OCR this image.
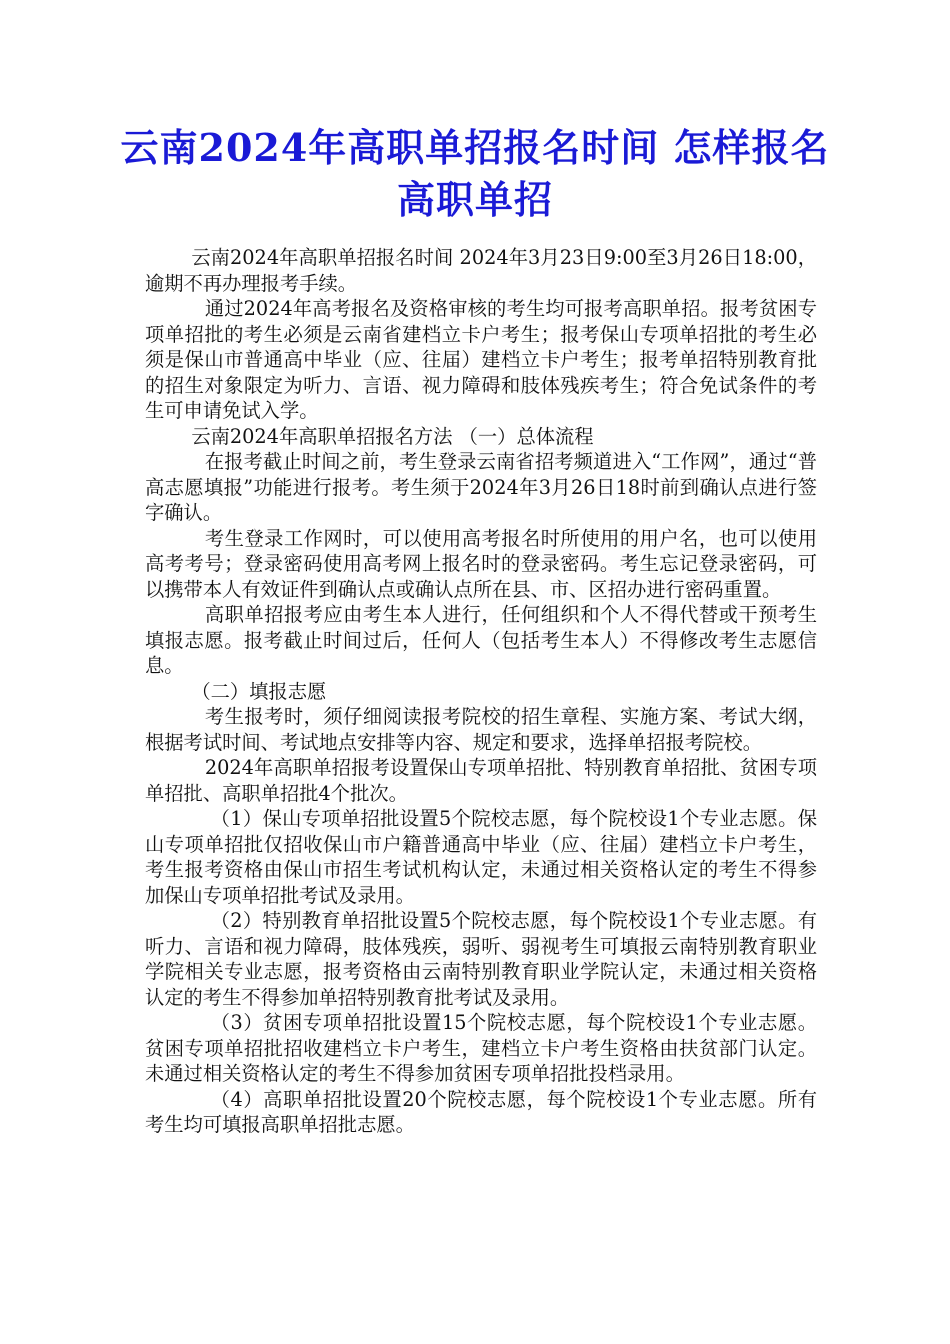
云南2024年高职单招报名时间 怎样报名高职单招

云南2024年高职单招报名时间 2024年3月23日9:00至3月26日18:00，逾期不再办理报考手续。

通过2024年高考报名及资格审核的考生均可报考高职单招。报考贫困专项单招批的考生必须是云南省建档立卡户考生；报考保山专项单招批的考生必须是保山市普通高中毕业（应、往届）建档立卡户考生；报考单招特别教育批的招生对象限定为听力、言语、视力障碍和肢体残疾考生；符合免试条件的考生可申请免试入学。

云南2024年高职单招报名方法 （一）总体流程

在报考截止时间之前，考生登录云南省招考频道进入“工作网”，通过“普高志愿填报”功能进行报考。考生须于2024年3月26日18时前到确认点进行签字确认。

考生登录工作网时，可以使用高考报名时所使用的用户名，也可以使用高考考号；登录密码使用高考网上报名时的登录密码。考生忘记登录密码，可以携带本人有效证件到确认点或确认点所在县、市、区招办进行密码重置。

高职单招报考应由考生本人进行，任何组织和个人不得代替或干预考生填报志愿。报考截止时间过后，任何人（包括考生本人）不得修改考生志愿信息。

（二）填报志愿

考生报考时，须仔细阅读报考院校的招生章程、实施方案、考试大纲，根据考试时间、考试地点安排等内容、规定和要求，选择单招报考院校。

2024年高职单招报考设置保山专项单招批、特别教育单招批、贫困专项单招批、高职单招批4个批次。

（1）保山专项单招批设置5个院校志愿，每个院校设1个专业志愿。保山专项单招批仅招收保山市户籍普通高中毕业（应、往届）建档立卡户考生，考生报考资格由保山市招生考试机构认定，未通过相关资格认定的考生不得参加保山专项单招批考试及录用。

（2）特别教育单招批设置5个院校志愿，每个院校设1个专业志愿。有听力、言语和视力障碍，肢体残疾，弱听、弱视考生可填报云南特别教育职业学院相关专业志愿，报考资格由云南特别教育职业学院认定，未通过相关资格认定的考生不得参加单招特别教育批考试及录用。

（3）贫困专项单招批设置15个院校志愿，每个院校设1个专业志愿。贫困专项单招批招收建档立卡户考生，建档立卡户考生资格由扶贫部门认定。未通过相关资格认定的考生不得参加贫困专项单招批投档录用。

（4）高职单招批设置20个院校志愿，每个院校设1个专业志愿。所有考生均可填报高职单招批志愿。
